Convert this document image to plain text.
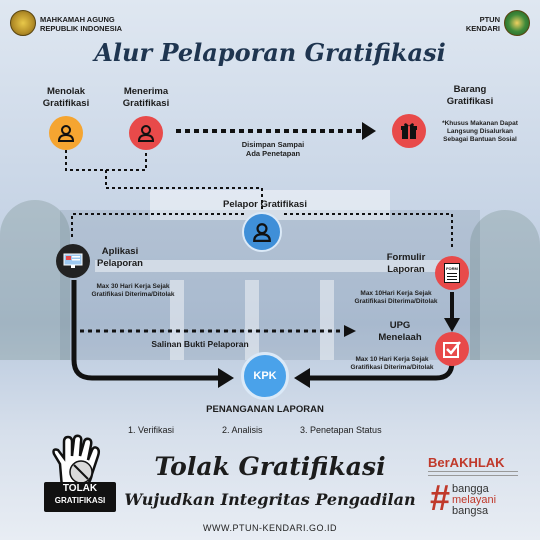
MAHKAMAH AGUNG
REPUBLIK INDONESIA
PTUN
KENDARI
Alur Pelaporan Gratifikasi
Menolak
Gratifikasi
Menerima
Gratifikasi
Disimpan Sampai
Ada Penetapan
Barang
Gratifikasi
*Khusus Makanan Dapat
Langsung Disalurkan
Sebagai Bantuan Sosial
Pelapor Gratifikasi
Aplikasi
Pelaporan
Max 30 Hari Kerja Sejak
Gratifikasi Diterima/Ditolak
Formulir
Laporan	FORM
Max 10Hari Kerja Sejak
Gratifikasi Diterima/Ditolak
UPG
Menelaah
Max 10 Hari Kerja Sejak
Gratifikasi Diterima/Ditolak
Salinan Bukti Pelaporan
KPK
PENANGANAN LAPORAN
1. Verifikasi	2. Analisis	3. Penetapan Status
TOLAK
GRATIFIKASI
Tolak Gratifikasi
Wujudkan Integritas Pengadilan
BerAKHLAK
# bangga
melayani
bangsa
WWW.PTUN-KENDARI.GO.ID
